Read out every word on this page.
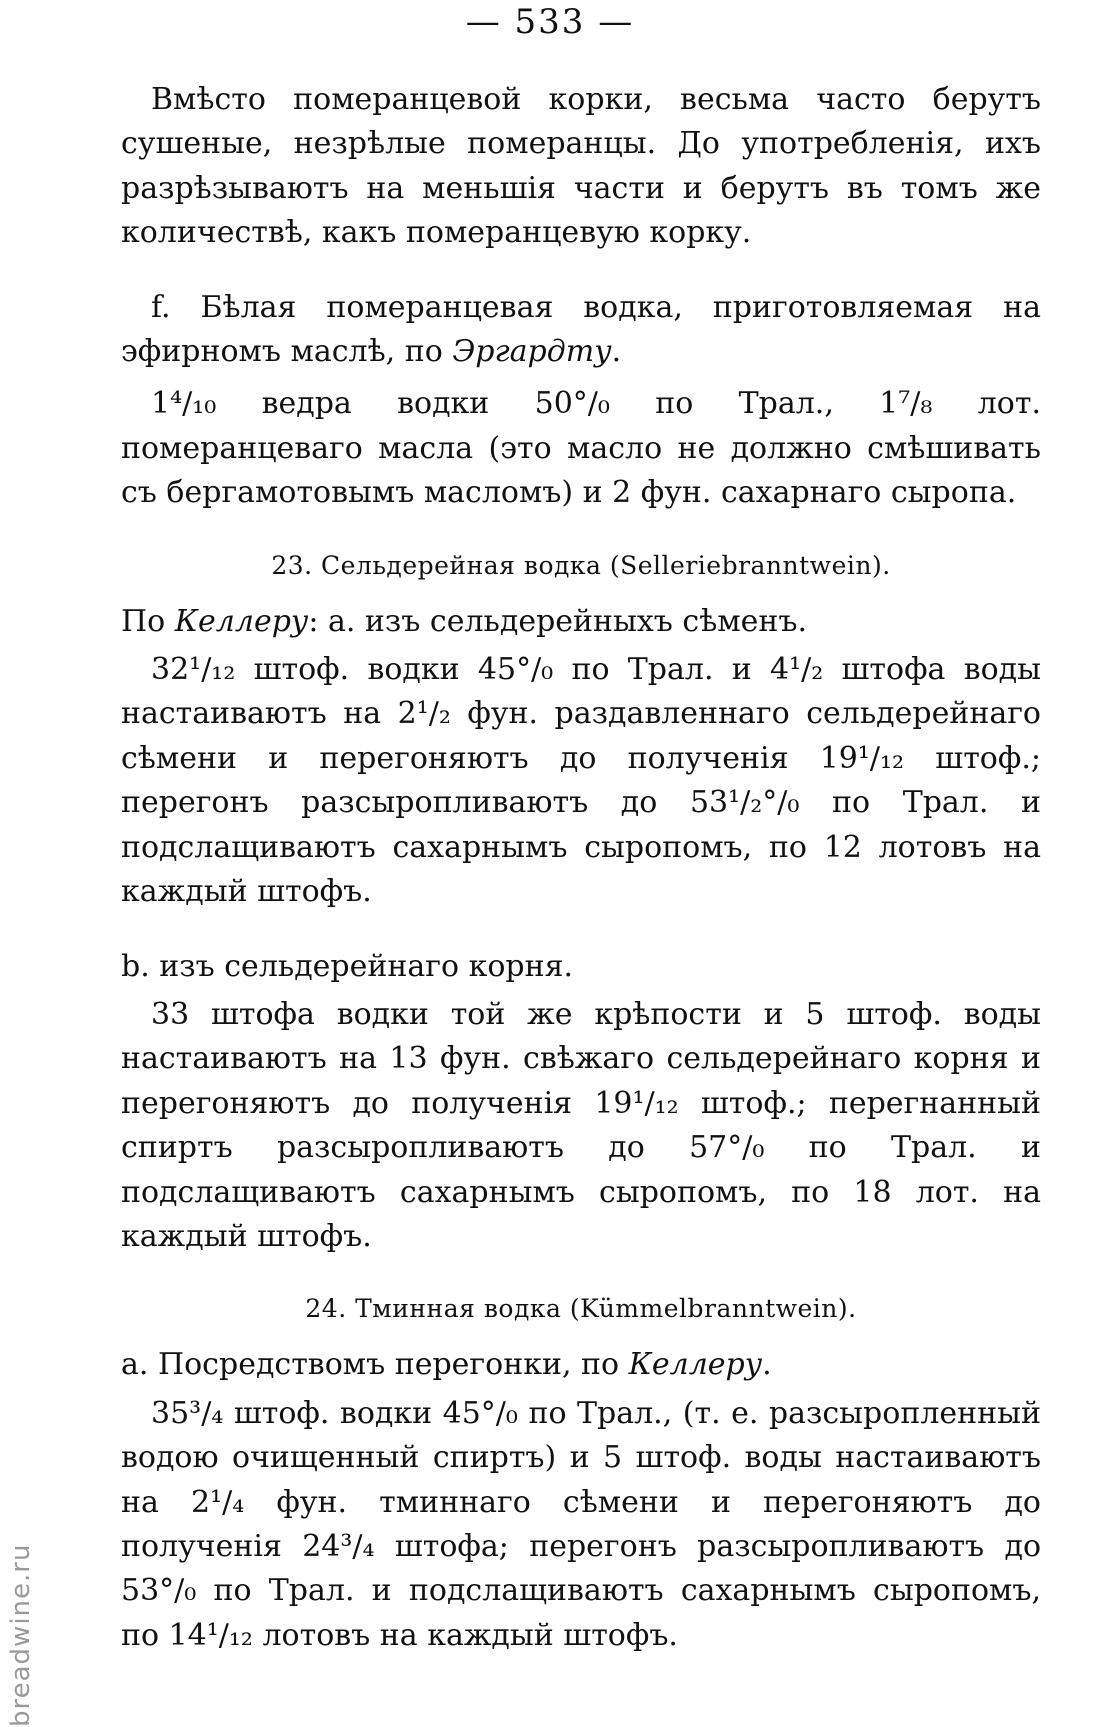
— 533 —

Вмѣсто померанцевой корки, весьма часто берутъ сушеные, незрѣлые померанцы. До употребленія, ихъ разрѣзываютъ на меньшія части и берутъ въ томъ же количествѣ, какъ померанцевую корку.

f. Бѣлая померанцевая водка, приготовляемая на эфирномъ маслѣ, по Эргардту.

1⁴/₁₀ ведра водки 50°/₀ по Трал., 1⁷/₈ лот. померанцеваго масла (это масло не должно смѣшивать съ бергамотовымъ масломъ) и 2 фун. сахарнаго сыропа.

23. Сельдерейная водка (Selleriebranntwein).

По Келлеру: а. изъ сельдерейныхъ сѣменъ.

32¹/₁₂ штоф. водки 45°/₀ по Трал. и 4¹/₂ штофа воды настаиваютъ на 2¹/₂ фун. раздавленнаго сельдерейнаго сѣмени и перегоняютъ до полученія 19¹/₁₂ штоф.; перегонъ разсыропливаютъ до 53¹/₂°/₀ по Трал. и подслащиваютъ сахарнымъ сыропомъ, по 12 лотовъ на каждый штофъ.

b. изъ сельдерейнаго корня.

33 штофа водки той же крѣпости и 5 штоф. воды настаиваютъ на 13 фун. свѣжаго сельдерейнаго корня и перегоняютъ до полученія 19¹/₁₂ штоф.; перегнанный спиртъ разсыропливаютъ до 57°/₀ по Трал. и подслащиваютъ сахарнымъ сыропомъ, по 18 лот. на каждый штофъ.

24. Тминная водка (Kümmelbranntwein).

а. Посредствомъ перегонки, по Келлеру.

35³/₄ штоф. водки 45°/₀ по Трал., (т. е. разсыропленный водою очищенный спиртъ) и 5 штоф. воды настаиваютъ на 2¹/₄ фун. тминнаго сѣмени и перегоняютъ до полученія 24³/₄ штофа; перегонъ разсыропливаютъ до 53°/₀ по Трал. и подслащиваютъ сахарнымъ сыропомъ, по 14¹/₁₂ лотовъ на каждый штофъ.

breadwine.ru
